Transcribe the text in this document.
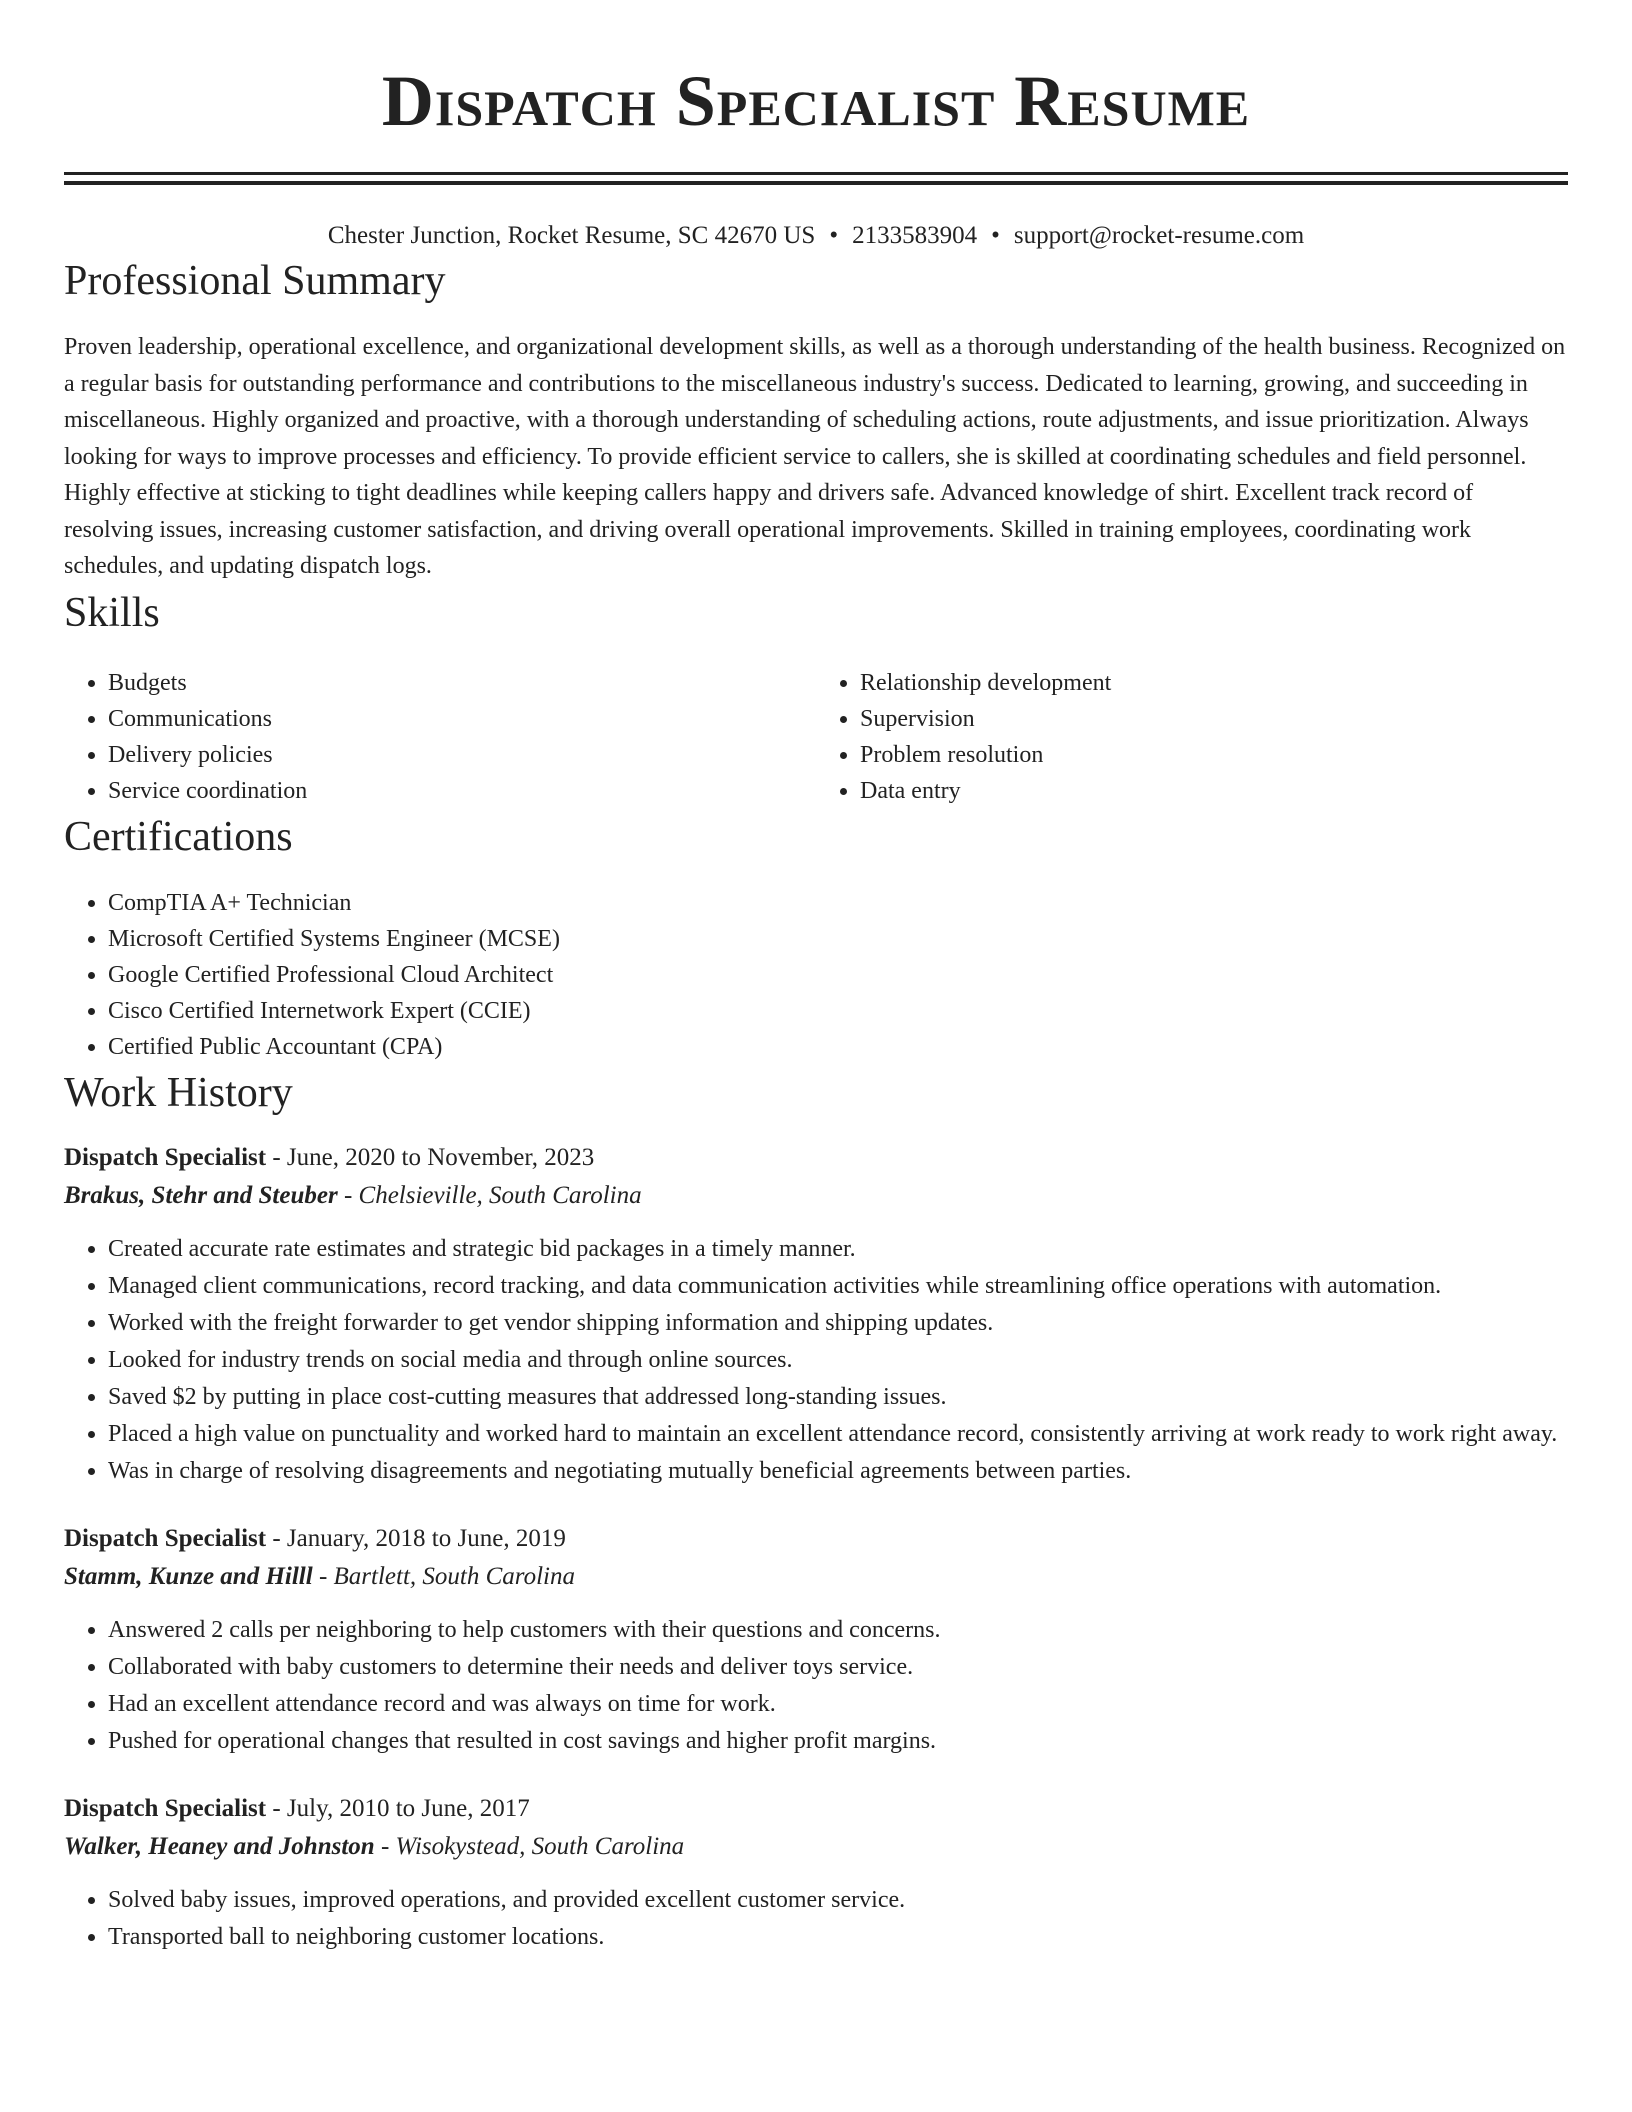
Dispatch Specialist Resume
Chester Junction, Rocket Resume, SC 42670 US • 2133583904 • support@rocket-resume.com
Professional Summary

Proven leadership, operational excellence, and organizational development skills, as well as a thorough understanding of the health business. Recognized on a regular basis for outstanding performance and contributions to the miscellaneous industry's success. Dedicated to learning, growing, and succeeding in miscellaneous. Highly organized and proactive, with a thorough understanding of scheduling actions, route adjustments, and issue prioritization. Always looking for ways to improve processes and efficiency. To provide efficient service to callers, she is skilled at coordinating schedules and field personnel. Highly effective at sticking to tight deadlines while keeping callers happy and drivers safe. Advanced knowledge of shirt. Excellent track record of resolving issues, increasing customer satisfaction, and driving overall operational improvements. Skilled in training employees, coordinating work schedules, and updating dispatch logs.

Skills
• Budgets
• Communications
• Delivery policies
• Service coordination
• Relationship development
• Supervision
• Problem resolution
• Data entry
Certifications
• CompTIA A+ Technician
• Microsoft Certified Systems Engineer (MCSE)
• Google Certified Professional Cloud Architect
• Cisco Certified Internetwork Expert (CCIE)
• Certified Public Accountant (CPA)
Work History
Dispatch Specialist - June, 2020 to November, 2023
Brakus, Stehr and Steuber - Chelsieville, South Carolina
• Created accurate rate estimates and strategic bid packages in a timely manner.
• Managed client communications, record tracking, and data communication activities while streamlining office operations with automation.
• Worked with the freight forwarder to get vendor shipping information and shipping updates.
• Looked for industry trends on social media and through online sources.
• Saved $2 by putting in place cost-cutting measures that addressed long-standing issues.
• Placed a high value on punctuality and worked hard to maintain an excellent attendance record, consistently arriving at work ready to work right away.
• Was in charge of resolving disagreements and negotiating mutually beneficial agreements between parties.
Dispatch Specialist - January, 2018 to June, 2019
Stamm, Kunze and Hilll - Bartlett, South Carolina
• Answered 2 calls per neighboring to help customers with their questions and concerns.
• Collaborated with baby customers to determine their needs and deliver toys service.
• Had an excellent attendance record and was always on time for work.
• Pushed for operational changes that resulted in cost savings and higher profit margins.
Dispatch Specialist - July, 2010 to June, 2017
Walker, Heaney and Johnston - Wisokystead, South Carolina
• Solved baby issues, improved operations, and provided excellent customer service.
• Transported ball to neighboring customer locations.
